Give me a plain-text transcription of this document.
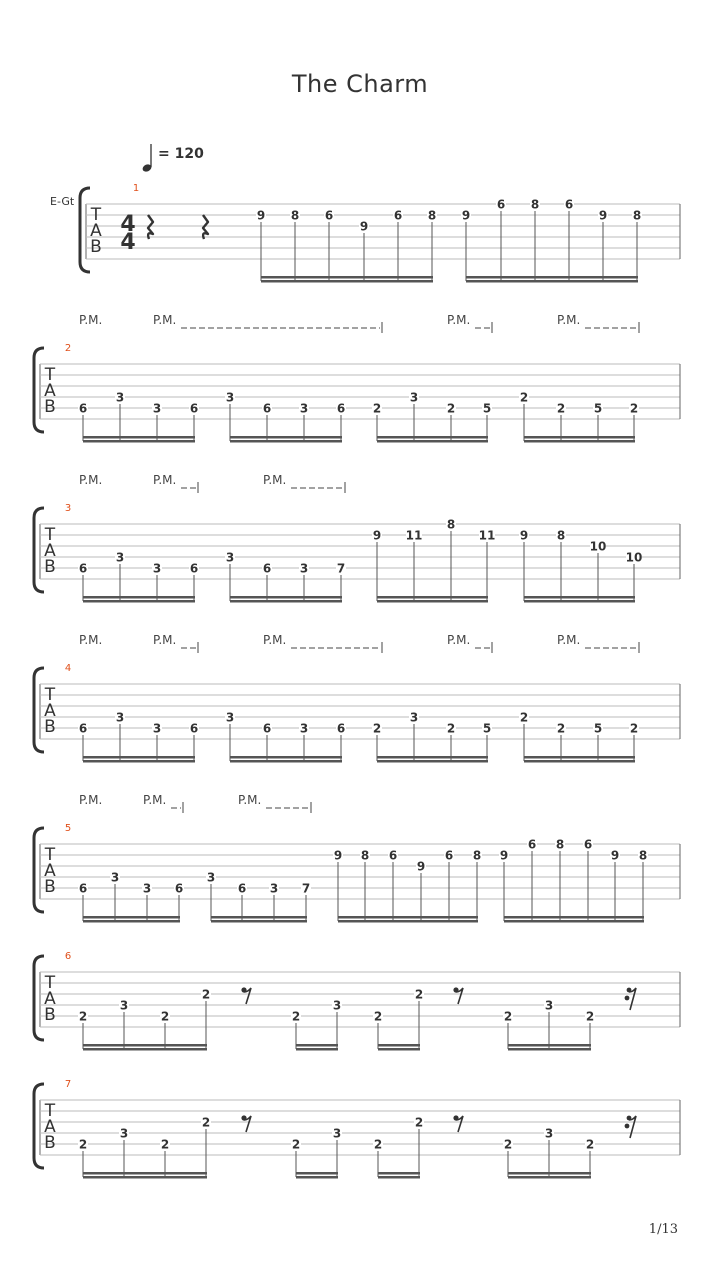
The Charm
= 120
E-Gt
T
A
B
1
4
4
9 8 6
9
6 8 9
6 8 6
9 8
T
A
B
2
6
3
3 6
3
6 3 6 2
3
2 5
2
2 5 2
P.M.	P.M.	P.M.	P.M.
T
A
B
3
6
3
3 6
3
6 3 7
9 11
8
11 9 8
10
10
P.M.	P.M.	P.M.
T
A
B
4
6
3
3 6
3
6 3 6 2
3
2 5
2
2 5 2
P.M.	P.M.	P.M.	P.M.	P.M.
T
A
B
5
6
3
3 6
3
6 3 7
9 8 6
9
6 8 9
6 8 6
9 8
P.M.	P.M.	P.M.
T
A
B
6
2
3
2
2
2
3
2
2
2
3
2
T
A
B
7
2
3
2
2
2
3
2
2
2
3
2
1/13
